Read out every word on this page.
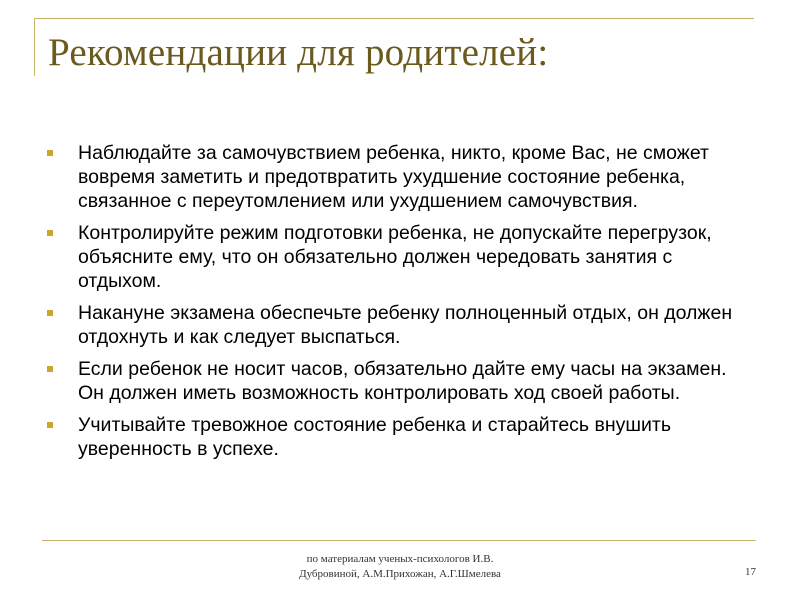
Рекомендации для родителей:
Наблюдайте за самочувствием ребенка, никто, кроме Вас, не сможет вовремя заметить и предотвратить ухудшение состояние ребенка, связанное с переутомлением или ухудшением самочувствия.
Контролируйте режим подготовки ребенка, не допускайте перегрузок, объясните ему, что он обязательно должен чередовать занятия с отдыхом.
Накануне экзамена обеспечьте ребенку полноценный отдых, он должен отдохнуть и как следует выспаться.
Если ребенок не носит часов, обязательно дайте ему часы на экзамен. Он должен иметь возможность контролировать ход своей работы.
Учитывайте тревожное состояние ребенка и старайтесь внушить уверенность в успехе.
по материалам ученых-психологов И.В.
Дубровиной, А.М.Прихожан, А.Г.Шмелева	17
